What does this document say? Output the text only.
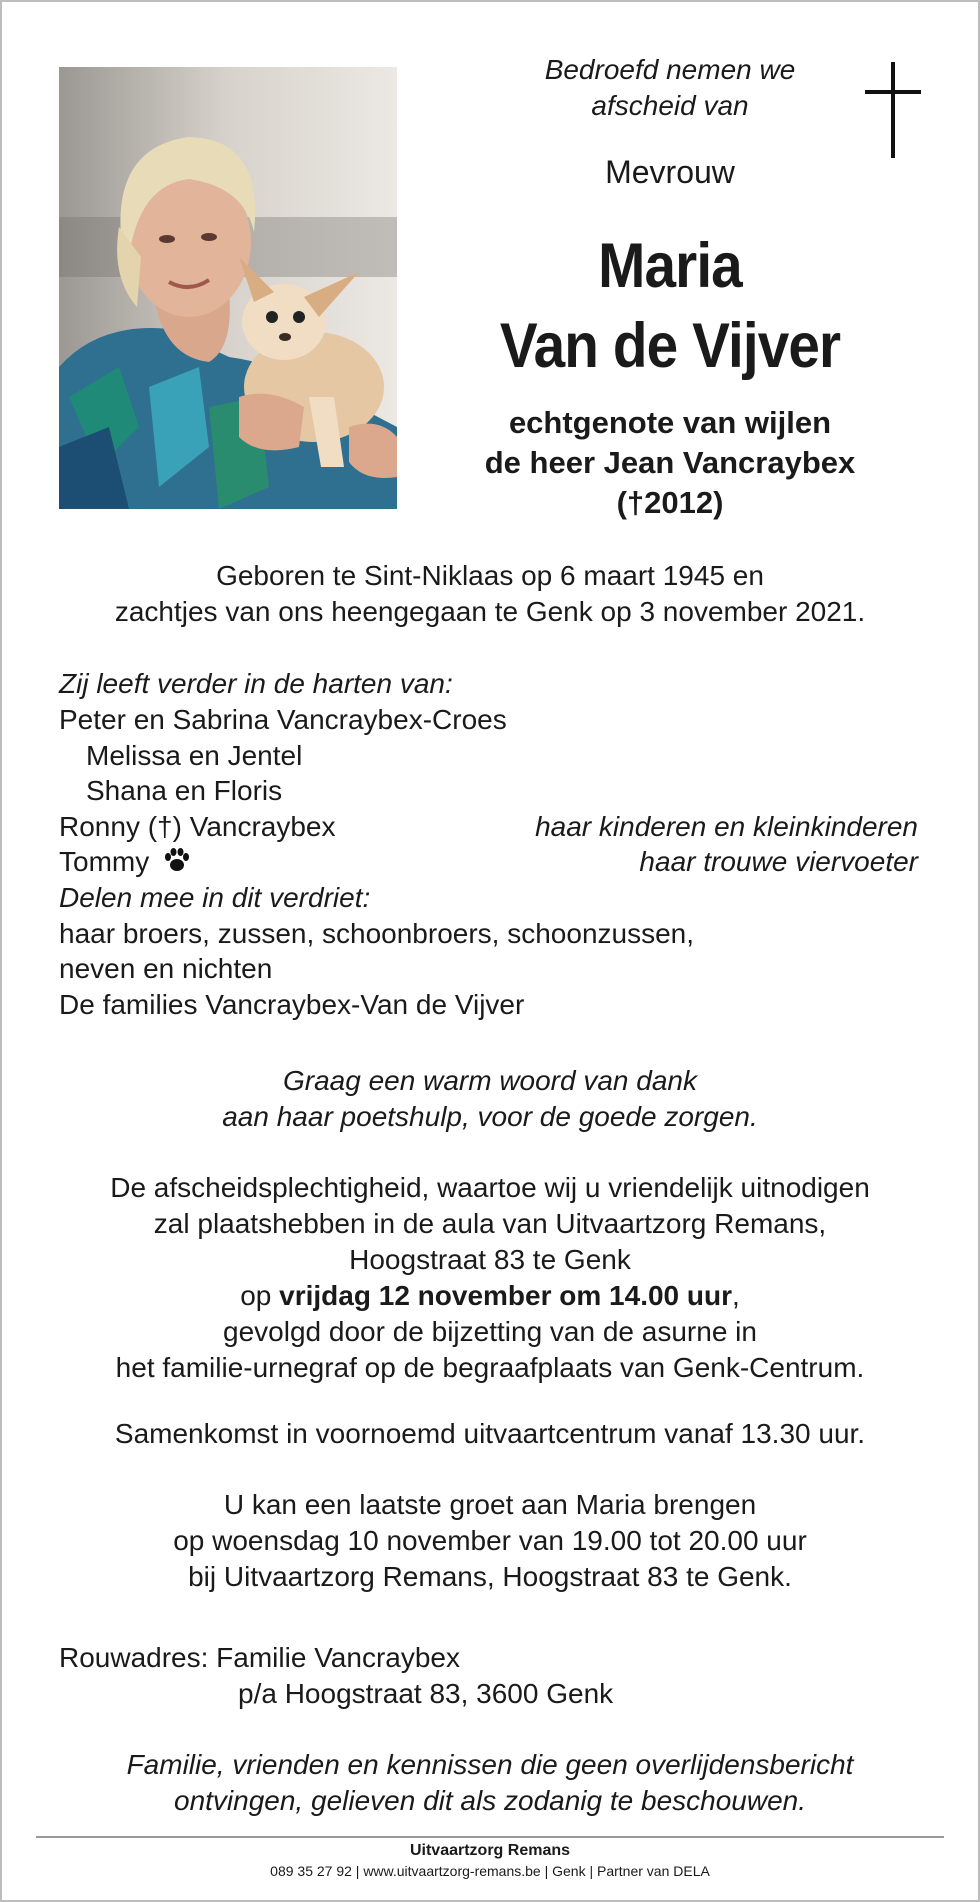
Bedroefd nemen we
afscheid van
Mevrouw
Maria
Van de Vijver
echtgenote van wijlen
de heer Jean Vancraybex
(†2012)
Geboren te Sint-Niklaas op 6 maart 1945 en
zachtjes van ons heengegaan te Genk op 3 november 2021.
Zij leeft verder in de harten van:
Peter en Sabrina Vancraybex-Croes
Melissa en Jentel
Shana en Floris
Ronny (†) Vancraybex	haar kinderen en kleinkinderen
Tommy	haar trouwe viervoeter
Delen mee in dit verdriet:
haar broers, zussen, schoonbroers, schoonzussen,
neven en nichten
De families Vancraybex-Van de Vijver
Graag een warm woord van dank
aan haar poetshulp, voor de goede zorgen.
De afscheidsplechtigheid, waartoe wij u vriendelijk uitnodigen
zal plaatshebben in de aula van Uitvaartzorg Remans,
Hoogstraat 83 te Genk
op vrijdag 12 november om 14.00 uur,
gevolgd door de bijzetting van de asurne in
het familie-urnegraf op de begraafplaats van Genk-Centrum.
Samenkomst in voornoemd uitvaartcentrum vanaf 13.30 uur.
U kan een laatste groet aan Maria brengen
op woensdag 10 november van 19.00 tot 20.00 uur
bij Uitvaartzorg Remans, Hoogstraat 83 te Genk.
Rouwadres: Familie Vancraybex
p/a Hoogstraat 83, 3600 Genk
Familie, vrienden en kennissen die geen overlijdensbericht
ontvingen, gelieven dit als zodanig te beschouwen.
Uitvaartzorg Remans
089 35 27 92 | www.uitvaartzorg-remans.be | Genk | Partner van DELA
